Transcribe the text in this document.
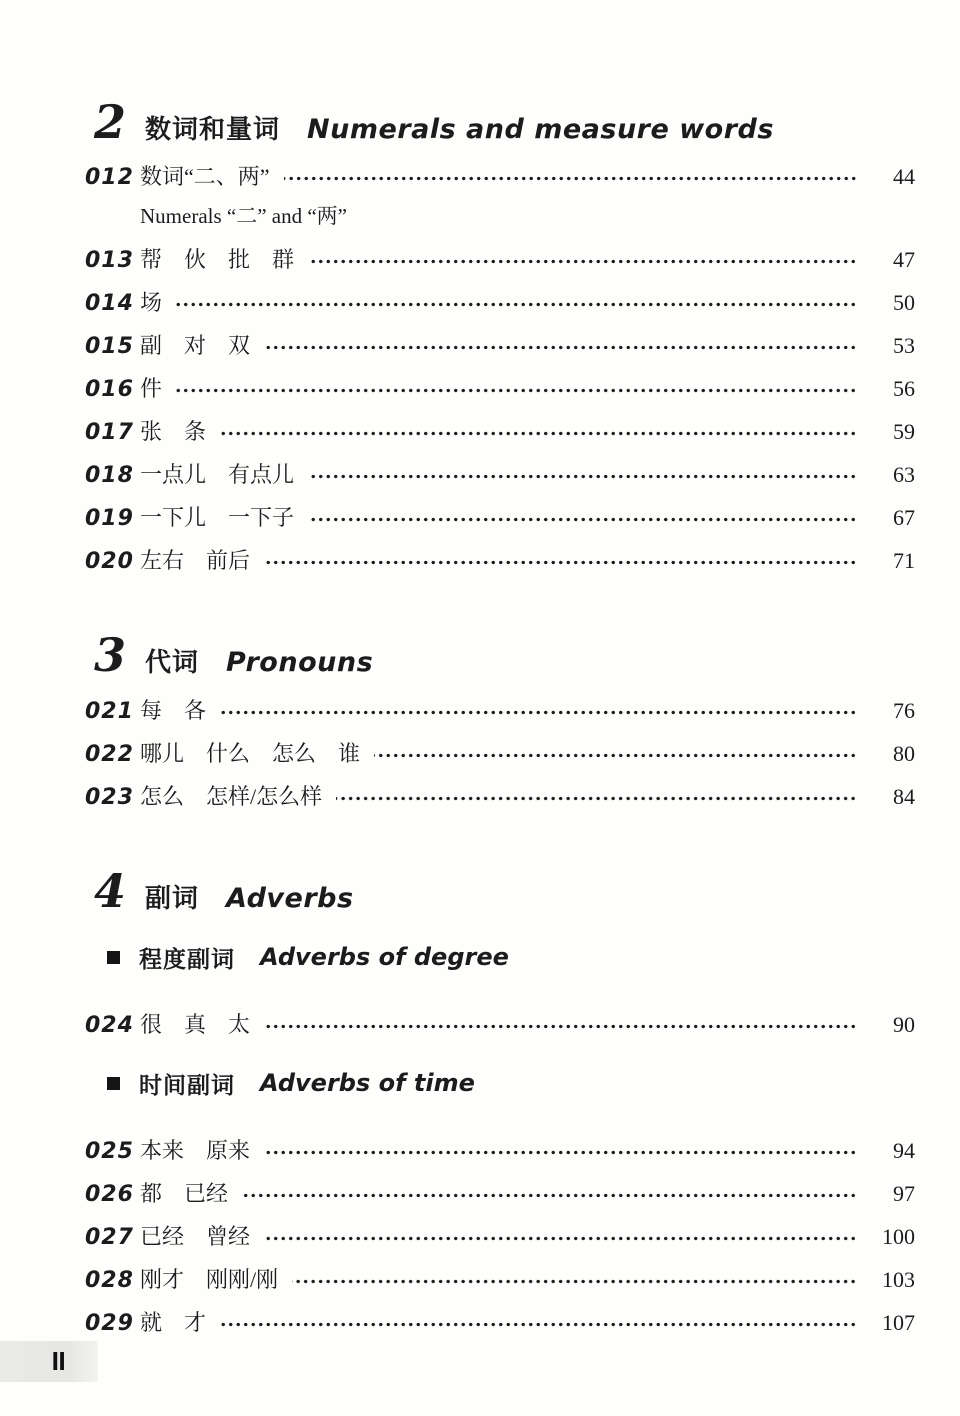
2 数词和量词 Numerals and measure words
012 数词“二、两”	44
Numerals “二” and “两”
013 帮　伙　批　群	47
014 场	50
015 副　对　双	53
016 件	56
017 张　条	59
018 一点儿　有点儿	63
019 一下儿　一下子	67
020 左右　前后	71
3 代词 Pronouns
021 每　各	76
022 哪儿　什么　怎么　谁	80
023 怎么　怎样/怎么样	84
4 副词 Adverbs
程度副词 Adverbs of degree
024 很　真　太	90
时间副词 Adverbs of time
025 本来　原来	94
026 都　已经	97
027 已经　曾经	100
028 刚才　刚刚/刚	103
029 就　才	107
II
